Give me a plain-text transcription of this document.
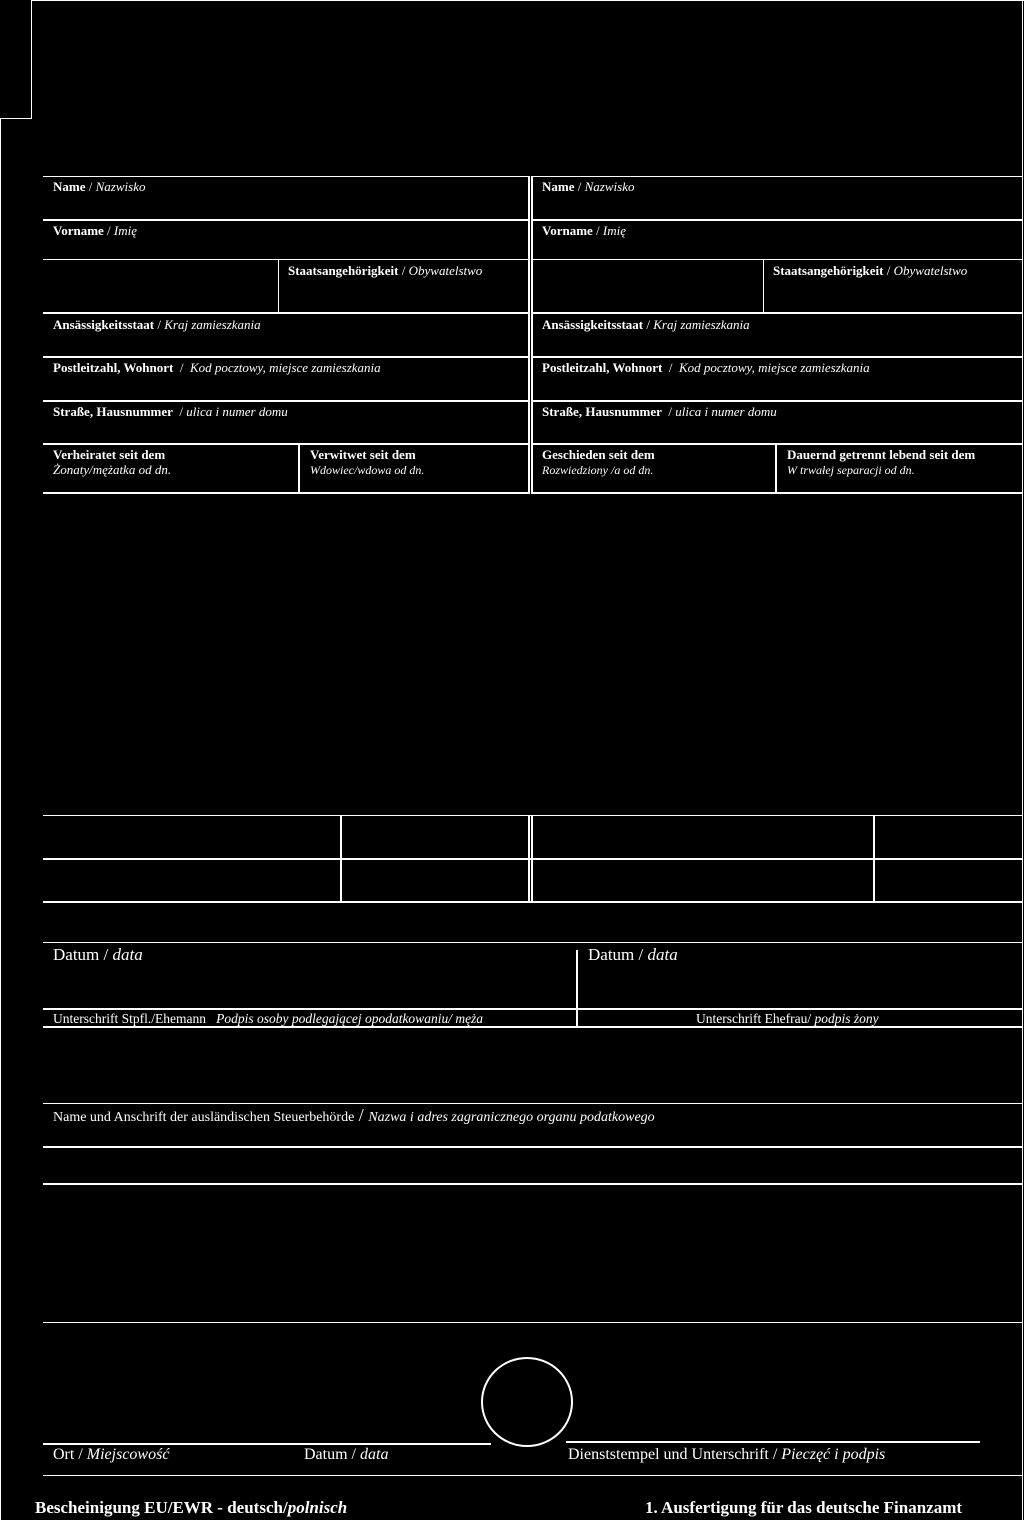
Name / Nazwisko
Vorname / Imię
Staatsangehörigkeit / Obywatelstwo
Ansässigkeitsstaat / Kraj zamieszkania
Postleitzahl, Wohnort  /  Kod pocztowy, miejsce zamieszkania
Straße, Hausnummer  / ulica i numer domu
Verheiratet seit dem
Żonaty/mężatka od dn.
Verwitwet seit dem
Wdowiec/wdowa od dn.
Name / Nazwisko
Vorname / Imię
Staatsangehörigkeit / Obywatelstwo
Ansässigkeitsstaat / Kraj zamieszkania
Postleitzahl, Wohnort  /  Kod pocztowy, miejsce zamieszkania
Straße, Hausnummer  / ulica i numer domu
Geschieden seit dem
Rozwiedziony /a od dn.
Dauernd getrennt lebend seit dem
W trwałej separacji od dn.
Datum / data	Datum / data
Unterschrift Stpfl./Ehemann Podpis osoby podlegającej opodatkowaniu/ męża	Unterschrift Ehefrau/ podpis żony
Name und Anschrift der ausländischen Steuerbehörde / Nazwa i adres zagranicznego organu podatkowego
Ort / Miejscowość	Datum / data	Dienststempel und Unterschrift / Pieczęć i podpis
Bescheinigung EU/EWR - deutsch/polnisch	1. Ausfertigung für das deutsche Finanzamt
